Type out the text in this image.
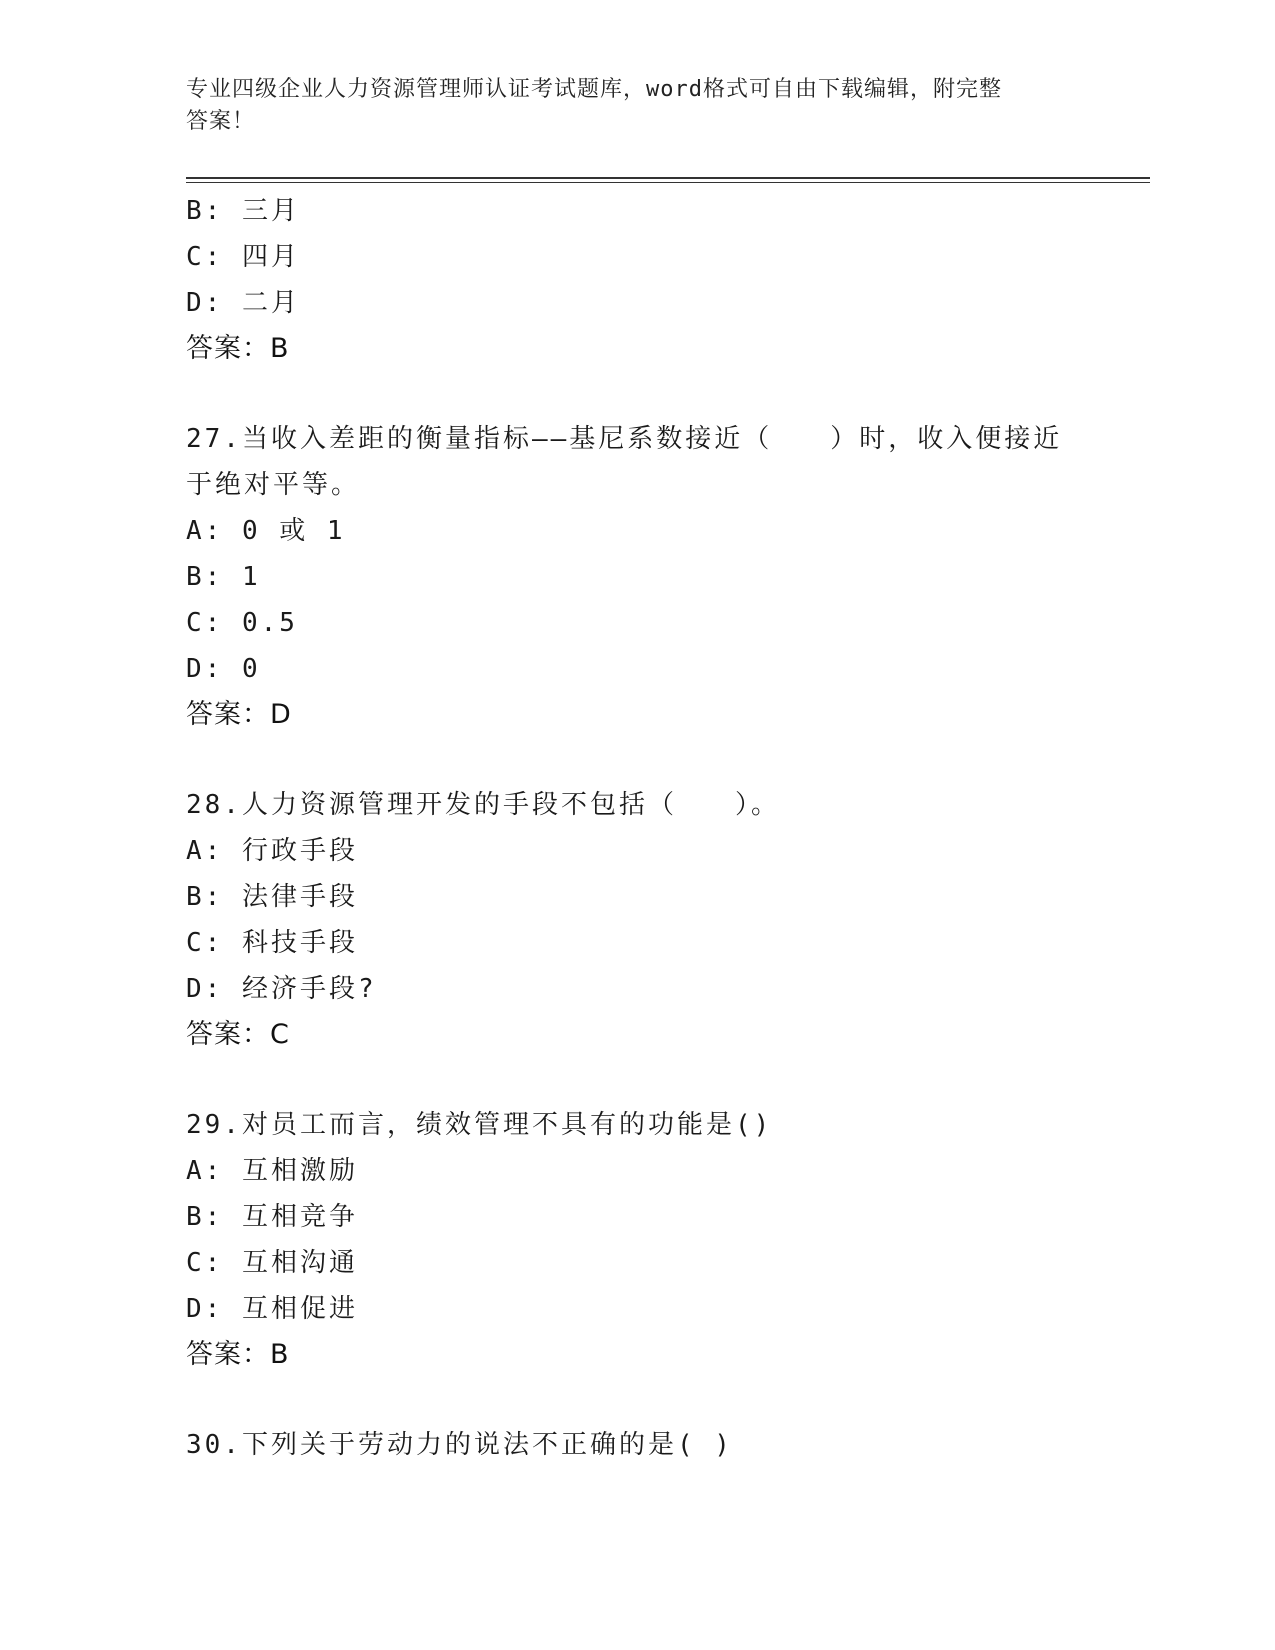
专业四级企业人力资源管理师认证考试题库，word格式可自由下载编辑，附完整
答案！
B: 三月
C: 四月
D: 二月
答案：B
27.当收入差距的衡量指标——基尼系数接近（　　）时，收入便接近
于绝对平等。
A: 0 或 1
B: 1
C: 0.5
D: 0
答案：D
28.人力资源管理开发的手段不包括（　　）。
A: 行政手段
B: 法律手段
C: 科技手段
D: 经济手段?
答案：C
29.对员工而言，绩效管理不具有的功能是()
A: 互相激励
B: 互相竞争
C: 互相沟通
D: 互相促进
答案：B
30.下列关于劳动力的说法不正确的是( )
